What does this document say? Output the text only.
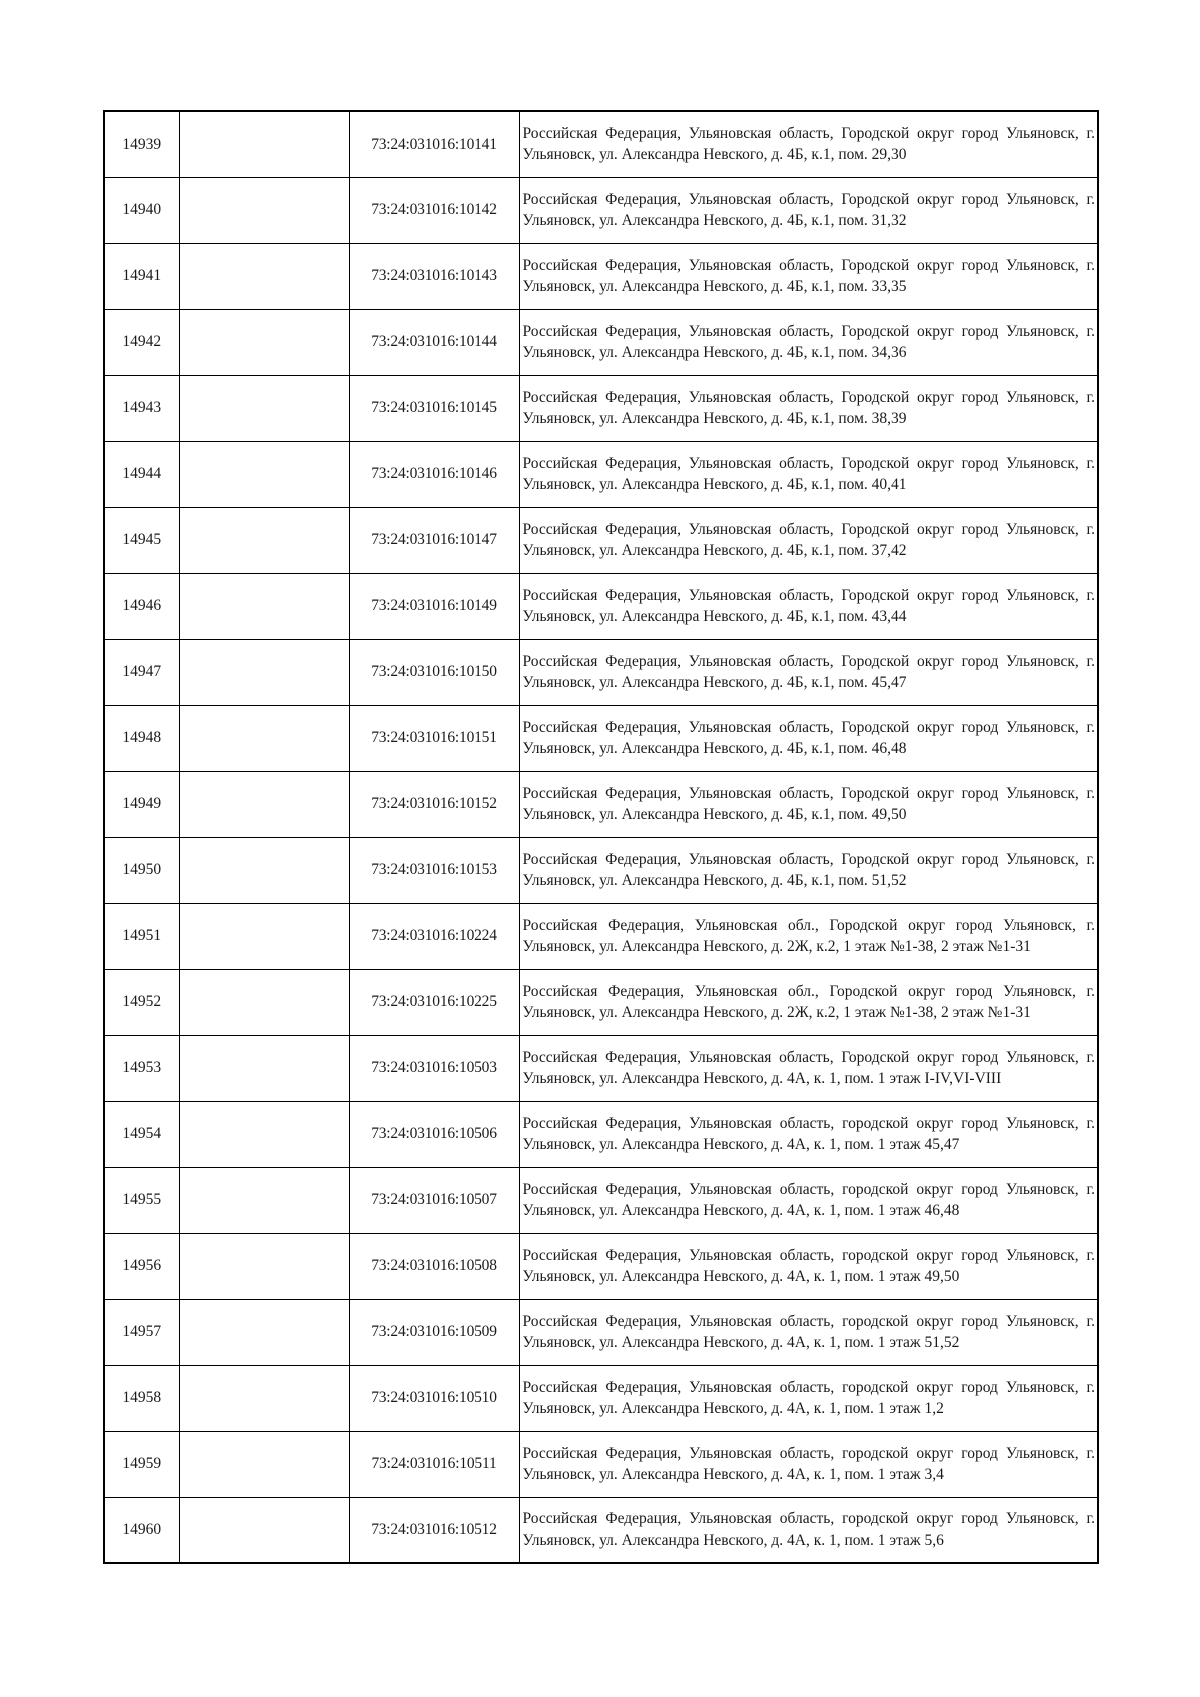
14939		73:24:031016:10141	Российская Федерация, Ульяновская область, Городской округ город Ульяновск, г. Ульяновск, ул. Александра Невского, д. 4Б, к.1, пом. 29,30
14940		73:24:031016:10142	Российская Федерация, Ульяновская область, Городской округ город Ульяновск, г. Ульяновск, ул. Александра Невского, д. 4Б, к.1, пом. 31,32
14941		73:24:031016:10143	Российская Федерация, Ульяновская область, Городской округ город Ульяновск, г. Ульяновск, ул. Александра Невского, д. 4Б, к.1, пом. 33,35
14942		73:24:031016:10144	Российская Федерация, Ульяновская область, Городской округ город Ульяновск, г. Ульяновск, ул. Александра Невского, д. 4Б, к.1, пом. 34,36
14943		73:24:031016:10145	Российская Федерация, Ульяновская область, Городской округ город Ульяновск, г. Ульяновск, ул. Александра Невского, д. 4Б, к.1, пом. 38,39
14944		73:24:031016:10146	Российская Федерация, Ульяновская область, Городской округ город Ульяновск, г. Ульяновск, ул. Александра Невского, д. 4Б, к.1, пом. 40,41
14945		73:24:031016:10147	Российская Федерация, Ульяновская область, Городской округ город Ульяновск, г. Ульяновск, ул. Александра Невского, д. 4Б, к.1, пом. 37,42
14946		73:24:031016:10149	Российская Федерация, Ульяновская область, Городской округ город Ульяновск, г. Ульяновск, ул. Александра Невского, д. 4Б, к.1, пом. 43,44
14947		73:24:031016:10150	Российская Федерация, Ульяновская область, Городской округ город Ульяновск, г. Ульяновск, ул. Александра Невского, д. 4Б, к.1, пом. 45,47
14948		73:24:031016:10151	Российская Федерация, Ульяновская область, Городской округ город Ульяновск, г. Ульяновск, ул. Александра Невского, д. 4Б, к.1, пом. 46,48
14949		73:24:031016:10152	Российская Федерация, Ульяновская область, Городской округ город Ульяновск, г. Ульяновск, ул. Александра Невского, д. 4Б, к.1, пом. 49,50
14950		73:24:031016:10153	Российская Федерация, Ульяновская область, Городской округ город Ульяновск, г. Ульяновск, ул. Александра Невского, д. 4Б, к.1, пом. 51,52
14951		73:24:031016:10224	Российская Федерация, Ульяновская обл., Городской округ город Ульяновск, г. Ульяновск, ул. Александра Невского, д. 2Ж, к.2, 1 этаж №1-38, 2 этаж №1-31
14952		73:24:031016:10225	Российская Федерация, Ульяновская обл., Городской округ город Ульяновск, г. Ульяновск, ул. Александра Невского, д. 2Ж, к.2, 1 этаж №1-38, 2 этаж №1-31
14953		73:24:031016:10503	Российская Федерация, Ульяновская область, Городской округ город Ульяновск, г. Ульяновск, ул. Александра Невского, д. 4А, к. 1, пом. 1 этаж I-IV,VI-VIII
14954		73:24:031016:10506	Российская Федерация, Ульяновская область, городской округ город Ульяновск, г. Ульяновск, ул. Александра Невского, д. 4А, к. 1, пом. 1 этаж 45,47
14955		73:24:031016:10507	Российская Федерация, Ульяновская область, городской округ город Ульяновск, г. Ульяновск, ул. Александра Невского, д. 4А, к. 1, пом. 1 этаж 46,48
14956		73:24:031016:10508	Российская Федерация, Ульяновская область, городской округ город Ульяновск, г. Ульяновск, ул. Александра Невского, д. 4А, к. 1, пом. 1 этаж 49,50
14957		73:24:031016:10509	Российская Федерация, Ульяновская область, городской округ город Ульяновск, г. Ульяновск, ул. Александра Невского, д. 4А, к. 1, пом. 1 этаж 51,52
14958		73:24:031016:10510	Российская Федерация, Ульяновская область, городской округ город Ульяновск, г. Ульяновск, ул. Александра Невского, д. 4А, к. 1, пом. 1 этаж 1,2
14959		73:24:031016:10511	Российская Федерация, Ульяновская область, городской округ город Ульяновск, г. Ульяновск, ул. Александра Невского, д. 4А, к. 1, пом. 1 этаж 3,4
14960		73:24:031016:10512	Российская Федерация, Ульяновская область, городской округ город Ульяновск, г. Ульяновск, ул. Александра Невского, д. 4А, к. 1, пом. 1 этаж 5,6
